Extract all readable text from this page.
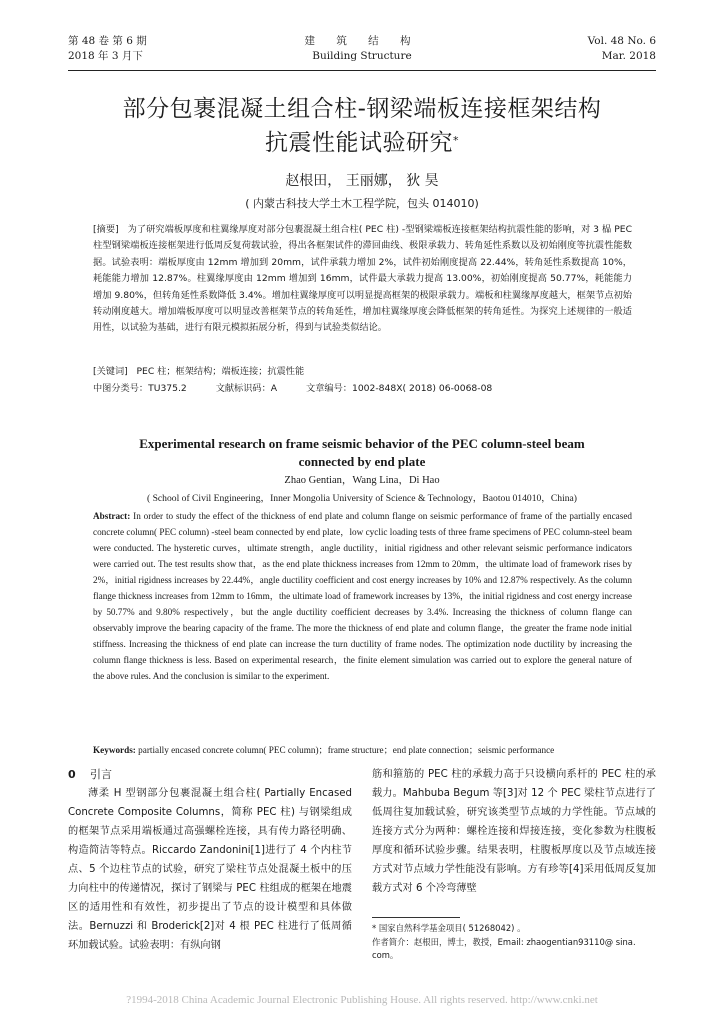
第 48 卷 第 6 期
2018 年 3 月下
建 筑 结 构
Building Structure
Vol. 48 No. 6
Mar. 2018
部分包裹混凝土组合柱-钢梁端板连接框架结构
抗震性能试验研究*
赵根田， 王丽娜， 狄 昊
( 内蒙古科技大学土木工程学院，包头 014010)
[摘要] 为了研究端板厚度和柱翼缘厚度对部分包裹混凝土组合柱( PEC 柱) -型钢梁端板连接框架结构抗震性能的影响，对 3 榀 PEC 柱型钢梁端板连接框架进行低周反复荷载试验，得出各框架试件的滞回曲线、极限承载力、转角延性系数以及初始刚度等抗震性能数据。试验表明：端板厚度由 12mm 增加到 20mm，试件承载力增加 2%，试件初始刚度提高 22.44%，转角延性系数提高 10%，耗能能力增加 12.87%。柱翼缘厚度由 12mm 增加到 16mm，试件最大承载力提高 13.00%，初始刚度提高 50.77%，耗能能力增加 9.80%，但转角延性系数降低 3.4%。增加柱翼缘厚度可以明显提高框架的极限承载力。端板和柱翼缘厚度越大，框架节点初始转动刚度越大。增加端板厚度可以明显改善框架节点的转角延性，增加柱翼缘厚度会降低框架的转角延性。为探究上述规律的一般适用性，以试验为基础，进行有限元模拟拓展分析，得到与试验类似结论。
[关键词] PEC 柱；框架结构；端板连接；抗震性能
中图分类号：TU375.2	文献标识码：A	文章编号：1002-848X( 2018) 06-0068-08
Experimental research on frame seismic behavior of the PEC column-steel beam
connected by end plate
Zhao Gentian，Wang Lina，Di Hao
( School of Civil Engineering，Inner Mongolia University of Science & Technology，Baotou 014010，China)
Abstract: In order to study the effect of the thickness of end plate and column flange on seismic performance of frame of the partially encased concrete column( PEC column) -steel beam connected by end plate，low cyclic loading tests of three frame specimens of PEC column-steel beam were conducted. The hysteretic curves，ultimate strength，angle ductility，initial rigidness and other relevant seismic performance indicators were carried out. The test results show that，as the end plate thickness increases from 12mm to 20mm，the ultimate load of framework rises by 2%，initial rigidness increases by 22.44%，angle ductility coefficient and cost energy increases by 10% and 12.87% respectively. As the column flange thickness increases from 12mm to 16mm，the ultimate load of framework increases by 13%，the initial rigidness and cost energy increase by 50.77% and 9.80% respectively，but the angle ductility coefficient decreases by 3.4%. Increasing the thickness of column flange can observably improve the bearing capacity of the frame. The more the thickness of end plate and column flange，the greater the frame node initial stiffness. Increasing the thickness of end plate can increase the turn ductility of frame nodes. The optimization node ductility by increasing the column flange thickness is less. Based on experimental research，the finite element simulation was carried out to explore the general nature of the above rules. And the conclusion is similar to the experiment.
Keywords: partially encased concrete column( PEC column)；frame structure；end plate connection；seismic performance
0 引言

薄柔 H 型钢部分包裹混凝土组合柱( Partially Encased Concrete Composite Columns，简称 PEC 柱) 与钢梁组成的框架节点采用端板通过高强螺栓连接，具有传力路径明确、构造简洁等特点。Riccardo Zandonini[1]进行了 4 个内柱节点、5 个边柱节点的试验，研究了梁柱节点处混凝土板中的压力向柱中的传递情况，探讨了钢梁与 PEC 柱组成的框架在地震区的适用性和有效性，初步提出了节点的设计模型和具体做法。Bernuzzi 和 Broderick[2]对 4 根 PEC 柱进行了低周循环加载试验。试验表明：有纵向钢

筋和箍筋的 PEC 柱的承载力高于只设横向系杆的 PEC 柱的承载力。Mahbuba Begum 等[3]对 12 个 PEC 梁柱节点进行了低周往复加载试验，研究该类型节点域的力学性能。节点域的连接方式分为两种：螺栓连接和焊接连接，变化参数为柱腹板厚度和循环试验步骤。结果表明，柱腹板厚度以及节点域连接方式对节点域力学性能没有影响。方有珍等[4]采用低周反复加载方式对 6 个冷弯薄壁

* 国家自然科学基金项目( 51268042) 。
作者简介：赵根田，博士，教授，Email: zhaogentian93110@ sina. com。
?1994-2018 China Academic Journal Electronic Publishing House. All rights reserved. http://www.cnki.net
